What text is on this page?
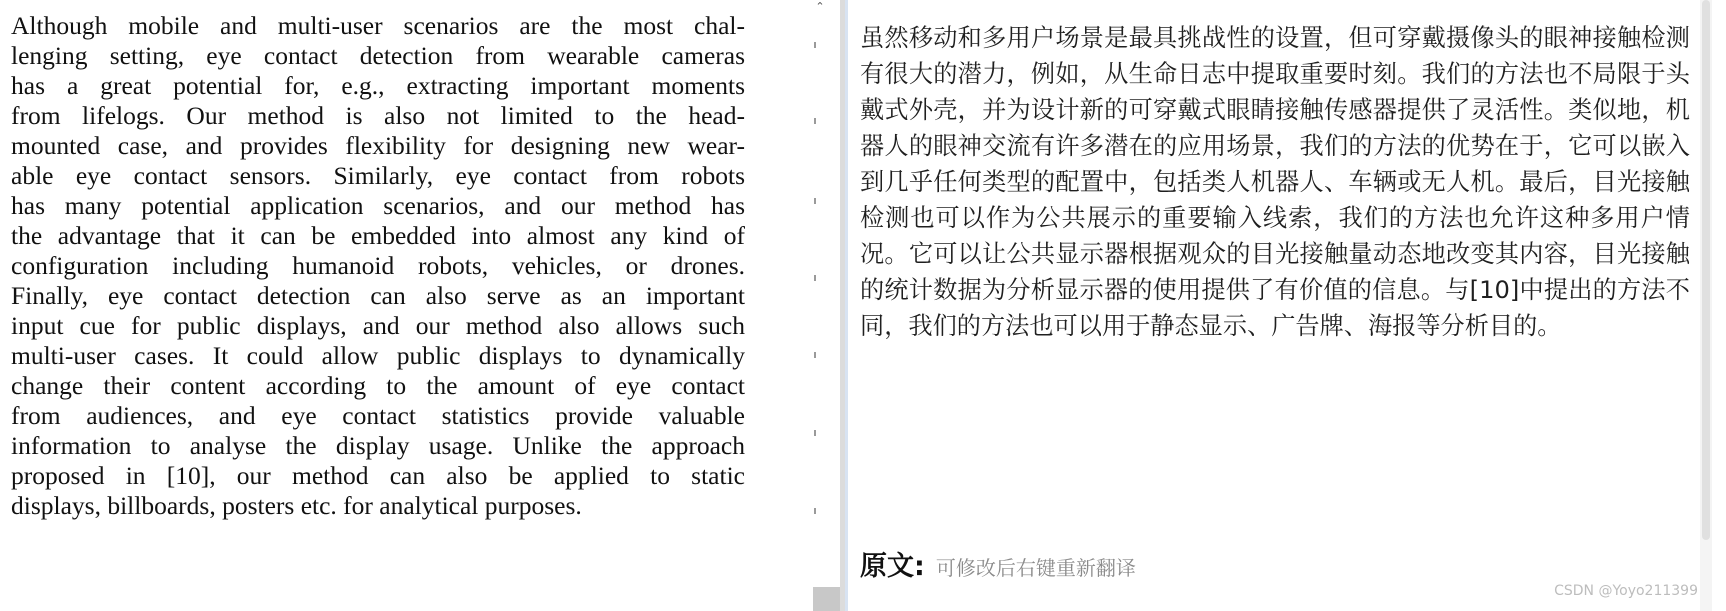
Although mobile and multi-user scenarios are the most chal-
lenging setting, eye contact detection from wearable cameras
has a great potential for, e.g., extracting important moments
from lifelogs. Our method is also not limited to the head-
mounted case, and provides flexibility for designing new wear-
able eye contact sensors. Similarly, eye contact from robots
has many potential application scenarios, and our method has
the advantage that it can be embedded into almost any kind of
configuration including humanoid robots, vehicles, or drones.
Finally, eye contact detection can also serve as an important
input cue for public displays, and our method also allows such
multi-user cases. It could allow public displays to dynamically
change their content according to the amount of eye contact
from audiences, and eye contact statistics provide valuable
information to analyse the display usage. Unlike the approach
proposed in [10], our method can also be applied to static
displays, billboards, posters etc. for analytical purposes.
⌃
虽然移动和多用户场景是最具挑战性的设置，但可穿戴摄像头的眼神接触检测有很大的潜力，例如，从生命日志中提取重要时刻。我们的方法也不局限于头戴式外壳，并为设计新的可穿戴式眼睛接触传感器提供了灵活性。类似地，机器人的眼神交流有许多潜在的应用场景，我们的方法的优势在于，它可以嵌入到几乎任何类型的配置中，包括类人机器人、车辆或无人机。最后，目光接触检测也可以作为公共展示的重要输入线索，我们的方法也允许这种多用户情况。它可以让公共显示器根据观众的目光接触量动态地改变其内容，目光接触的统计数据为分析显示器的使用提供了有价值的信息。与[10]中提出的方法不同，我们的方法也可以用于静态显示、广告牌、海报等分析目的。
原文: 可修改后右键重新翻译
CSDN @Yoyo211399
